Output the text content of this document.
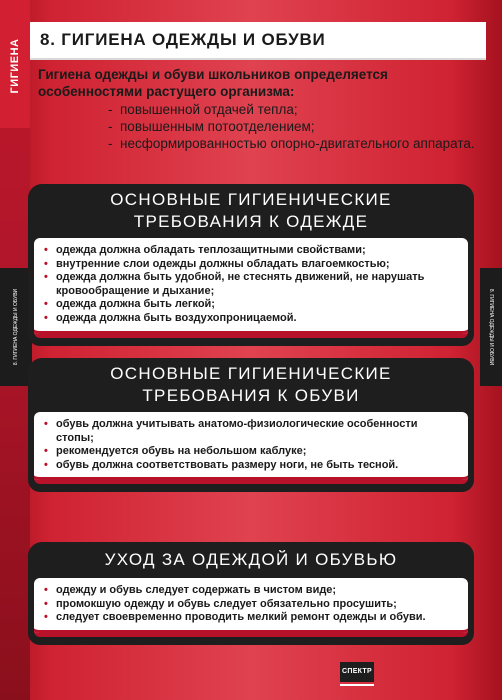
ГИГИЕНА
8. ГИГИЕНА ОДЕЖДЫ И ОБУВИ	8. ГИГИЕНА ОДЕЖДЫ И ОБУВИ
8. ГИГИЕНА ОДЕЖДЫ И ОБУВИ

Гигиена одежды и обуви школьников определяется особенностями растущего организма:

- повышенной отдачей тепла;
- повышенным потоотделением;
- несформированностью опорно-двигательного аппарата.
ОСНОВНЫЕ ГИГИЕНИЧЕСКИЕ
ТРЕБОВАНИЯ К ОДЕЖДЕ
• одежда должна обладать теплозащитными свойствами;
• внутренние слои одежды должны обладать влагоемкостью;
• одежда должна быть удобной, не стеснять движений, не нарушать кровообращение и дыхание;
• одежда должна быть легкой;
• одежда должна быть воздухопроницаемой.
ОСНОВНЫЕ ГИГИЕНИЧЕСКИЕ
ТРЕБОВАНИЯ К ОБУВИ
• обувь должна учитывать анатомо-физиологические особенности стопы;
• рекомендуется обувь на небольшом каблуке;
• обувь должна соответствовать размеру ноги, не быть тесной.
УХОД ЗА ОДЕЖДОЙ И ОБУВЬЮ
• одежду и обувь следует содержать в чистом виде;
• промокшую одежду и обувь следует обязательно просушить;
• следует своевременно проводить мелкий ремонт одежды и обуви.
СПЕКТР
